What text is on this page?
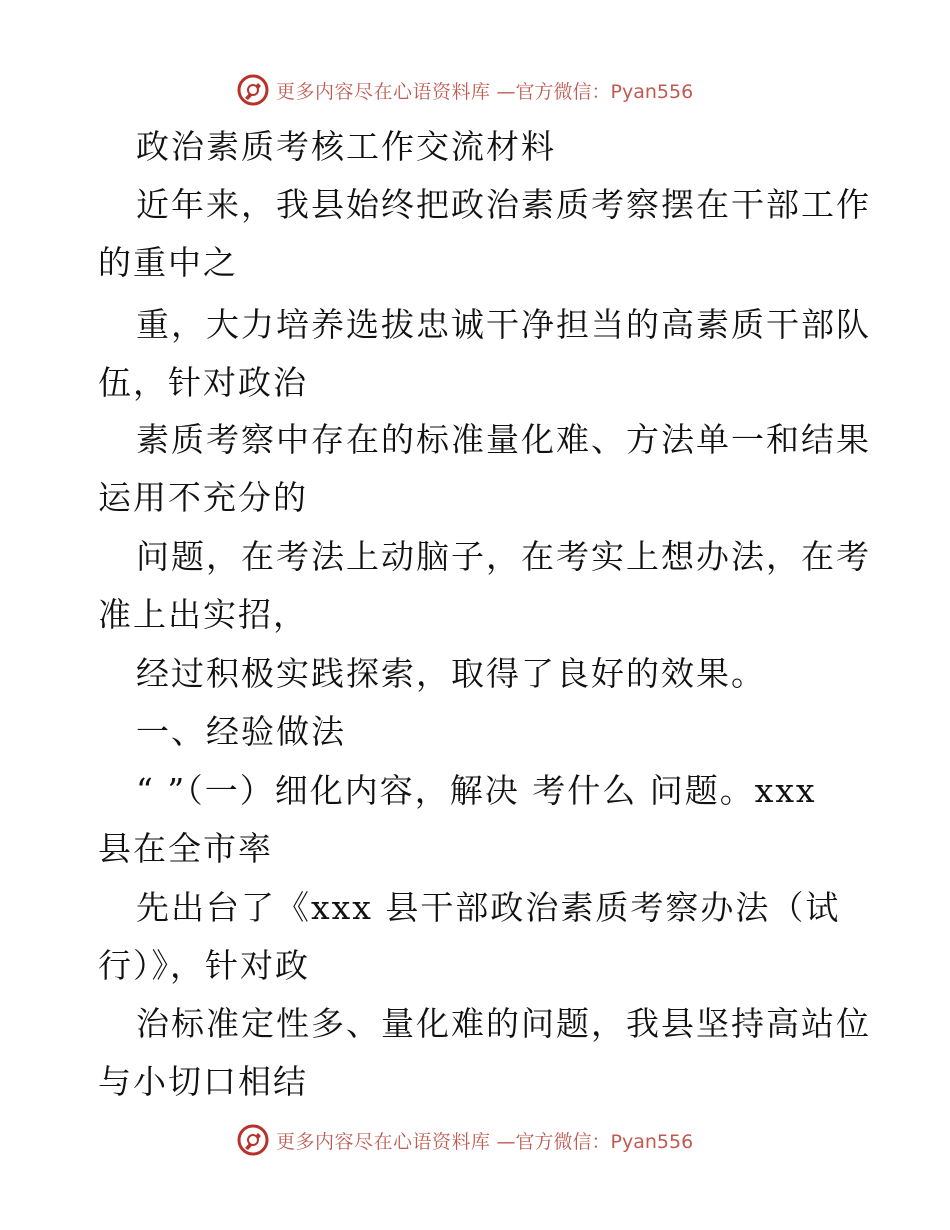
更多内容尽在心语资料库 —官方微信：Pyan556
政治素质考核工作交流材料
近年来，我县始终把政治素质考察摆在干部工作
的重中之
重，大力培养选拔忠诚干净担当的高素质干部队
伍，针对政治
素质考察中存在的标准量化难、方法单一和结果
运用不充分的
问题，在考法上动脑子，在考实上想办法，在考
准上出实招，
经过积极实践探索，取得了良好的效果。
一、经验做法
“ ”（一）细化内容，解决 考什么 问题。xxx
县在全市率
先出台了《xxx 县干部政治素质考察办法（试
行）》，针对政
治标准定性多、量化难的问题，我县坚持高站位
与小切口相结
更多内容尽在心语资料库 —官方微信：Pyan556
